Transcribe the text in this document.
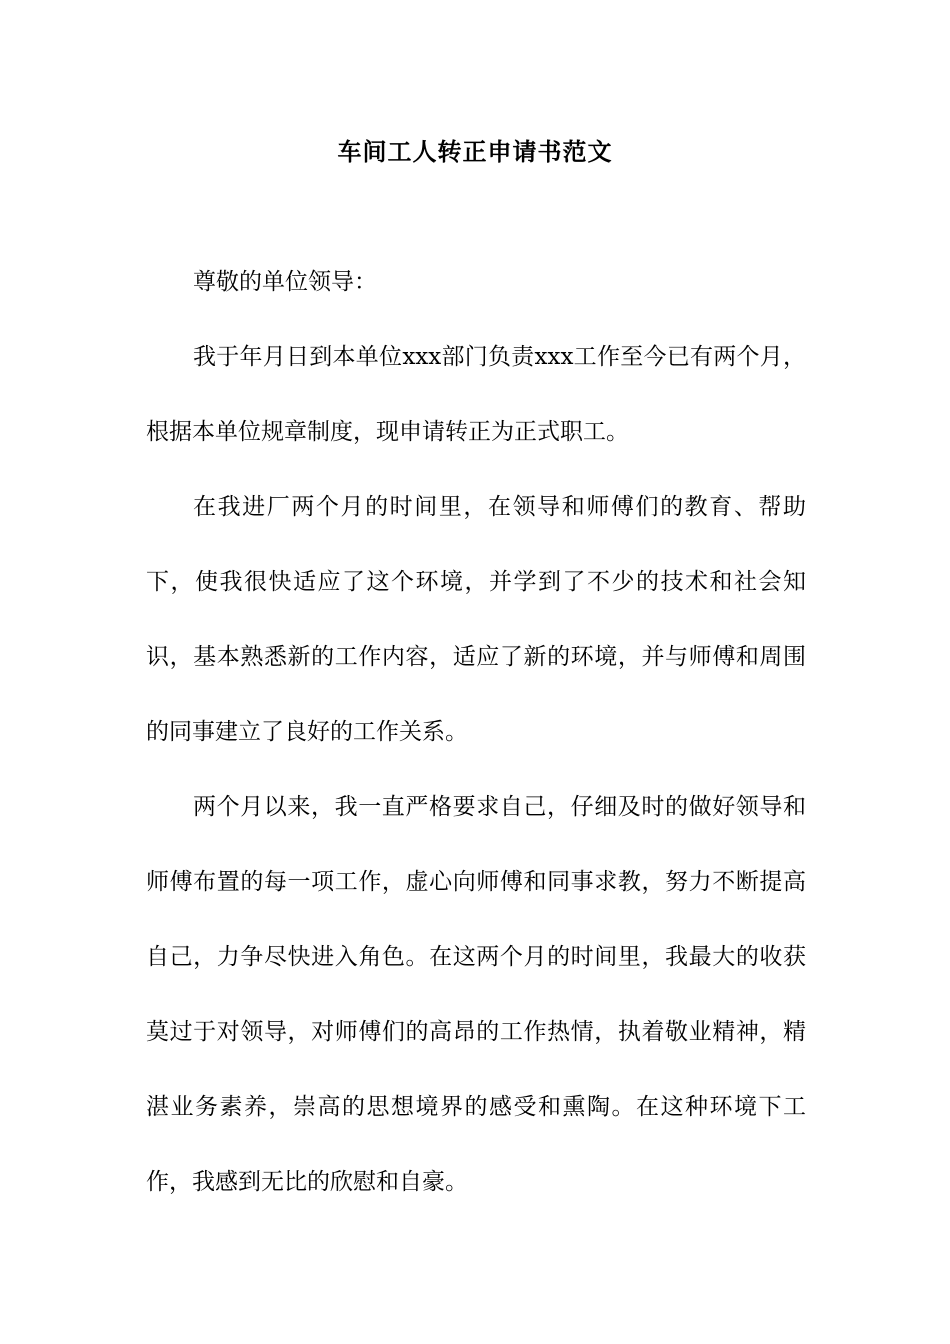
车间工人转正申请书范文

尊敬的单位领导：

我于年月日到本单位xxx部门负责xxx工作至今已有两个月，根据本单位规章制度，现申请转正为正式职工。

在我进厂两个月的时间里，在领导和师傅们的教育、帮助下，使我很快适应了这个环境，并学到了不少的技术和社会知识，基本熟悉新的工作内容，适应了新的环境，并与师傅和周围的同事建立了良好的工作关系。

两个月以来，我一直严格要求自己，仔细及时的做好领导和师傅布置的每一项工作，虚心向师傅和同事求教，努力不断提高自己，力争尽快进入角色。在这两个月的时间里，我最大的收获莫过于对领导，对师傅们的高昂的工作热情，执着敬业精神，精湛业务素养，崇高的思想境界的感受和熏陶。在这种环境下工作，我感到无比的欣慰和自豪。
